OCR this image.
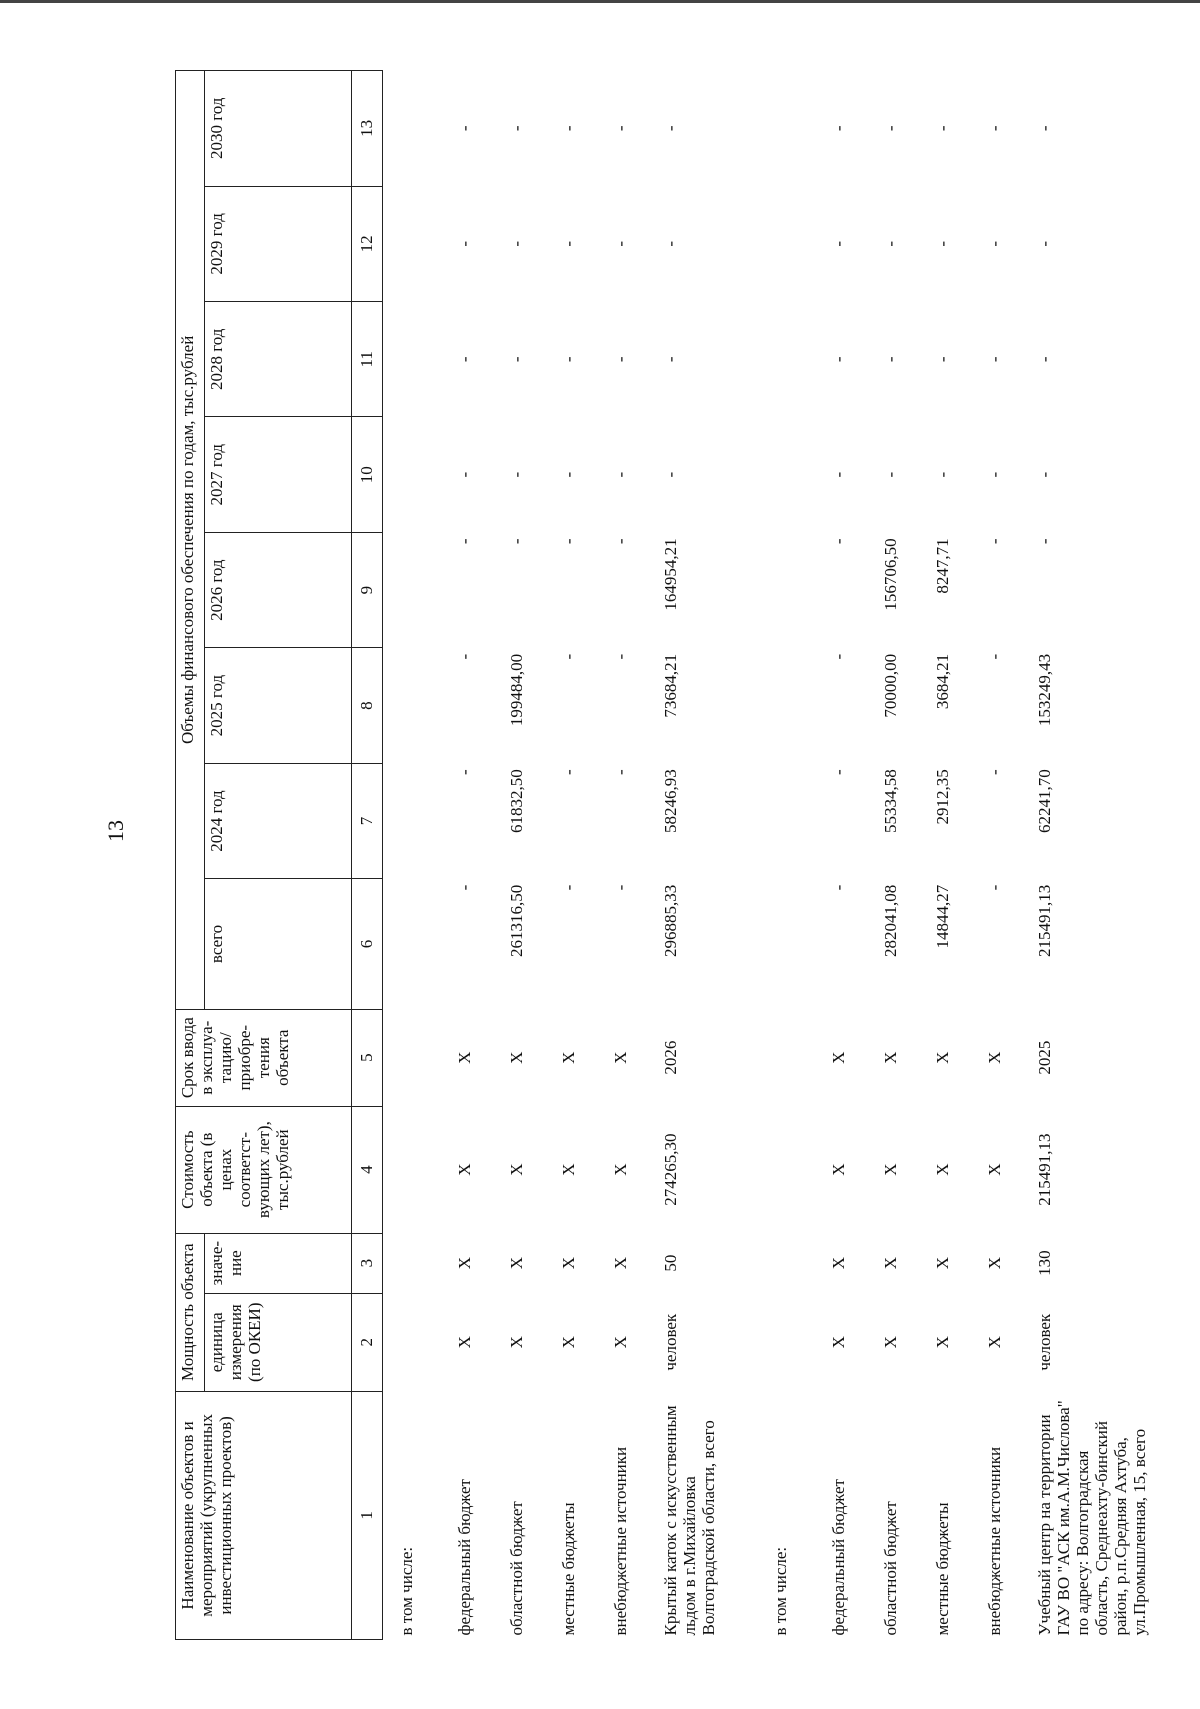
13
Наименование объектов и мероприятий (укрупненных инвестиционных проектов)	Мощность объекта		Стоимость объекта (в ценах соответст-вующих лет), тыс.рублей	Срок ввода в эксплуа-тацию/ приобре-тения объекта	Объемы финансового обеспечения по годам, тыс.рублей							
	единица измерения (по ОКЕИ)	значе-ние			всего	2024 год	2025 год	2026 год	2027 год	2028 год	2029 год	2030 год
1	2	3	4	5	6	7	8	9	10	11	12	13
в том числе:												
федеральный бюджет	X	X	X	X	-	-	-	-	-	-	-	-
областной бюджет	X	X	X	X	261316,50	61832,50	199484,00	-	-	-	-	-
местные бюджеты	X	X	X	X	-	-	-	-	-	-	-	-
внебюджетные источники	X	X	X	X	-	-	-	-	-	-	-	-
Крытый каток с искусственным льдом в г.Михайловка Волгоградской области, всего	человек	50	274265,30	2026	296885,33	58246,93	73684,21	164954,21	-	-	-	-
в том числе:												
федеральный бюджет	X	X	X	X	-	-	-	-	-	-	-	-
областной бюджет	X	X	X	X	282041,08	55334,58	70000,00	156706,50	-	-	-	-
местные бюджеты	X	X	X	X	14844,27	2912,35	3684,21	8247,71	-	-	-	-
внебюджетные источники	X	X	X	X	-	-	-	-	-	-	-	-
Учебный центр на территории ГАУ ВО "АСК им.А.М.Числова" по адресу: Волгоградская область, Среднеахту-бинский район, р.п.Средняя Ахтуба, ул.Промышленная, 15, всего	человек	130	215491,13	2025	215491,13	62241,70	153249,43	-	-	-	-	-
